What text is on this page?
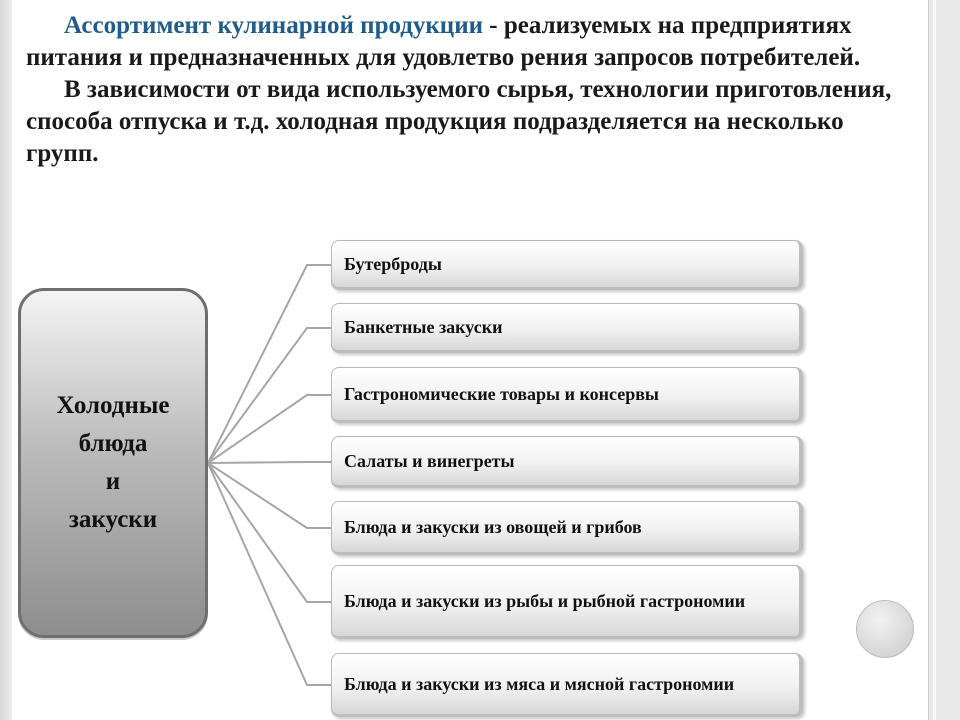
Ассортимент кулинарной продукции - реализуемых на предприятиях питания и предназначенных для удовлетво рения запросов потребителей.

В зависимости от вида используемого сырья, технологии приготовления, способа отпуска и т.д. холодная продукция подразделяется на несколько групп.

Холодные
блюда
и
закуски
Бутерброды
Банкетные закуски
Гастрономические товары и консервы
Салаты и винегреты
Блюда и закуски из овощей и грибов
Блюда и закуски из рыбы и рыбной гастрономии
Блюда и закуски из мяса и мясной гастрономии
